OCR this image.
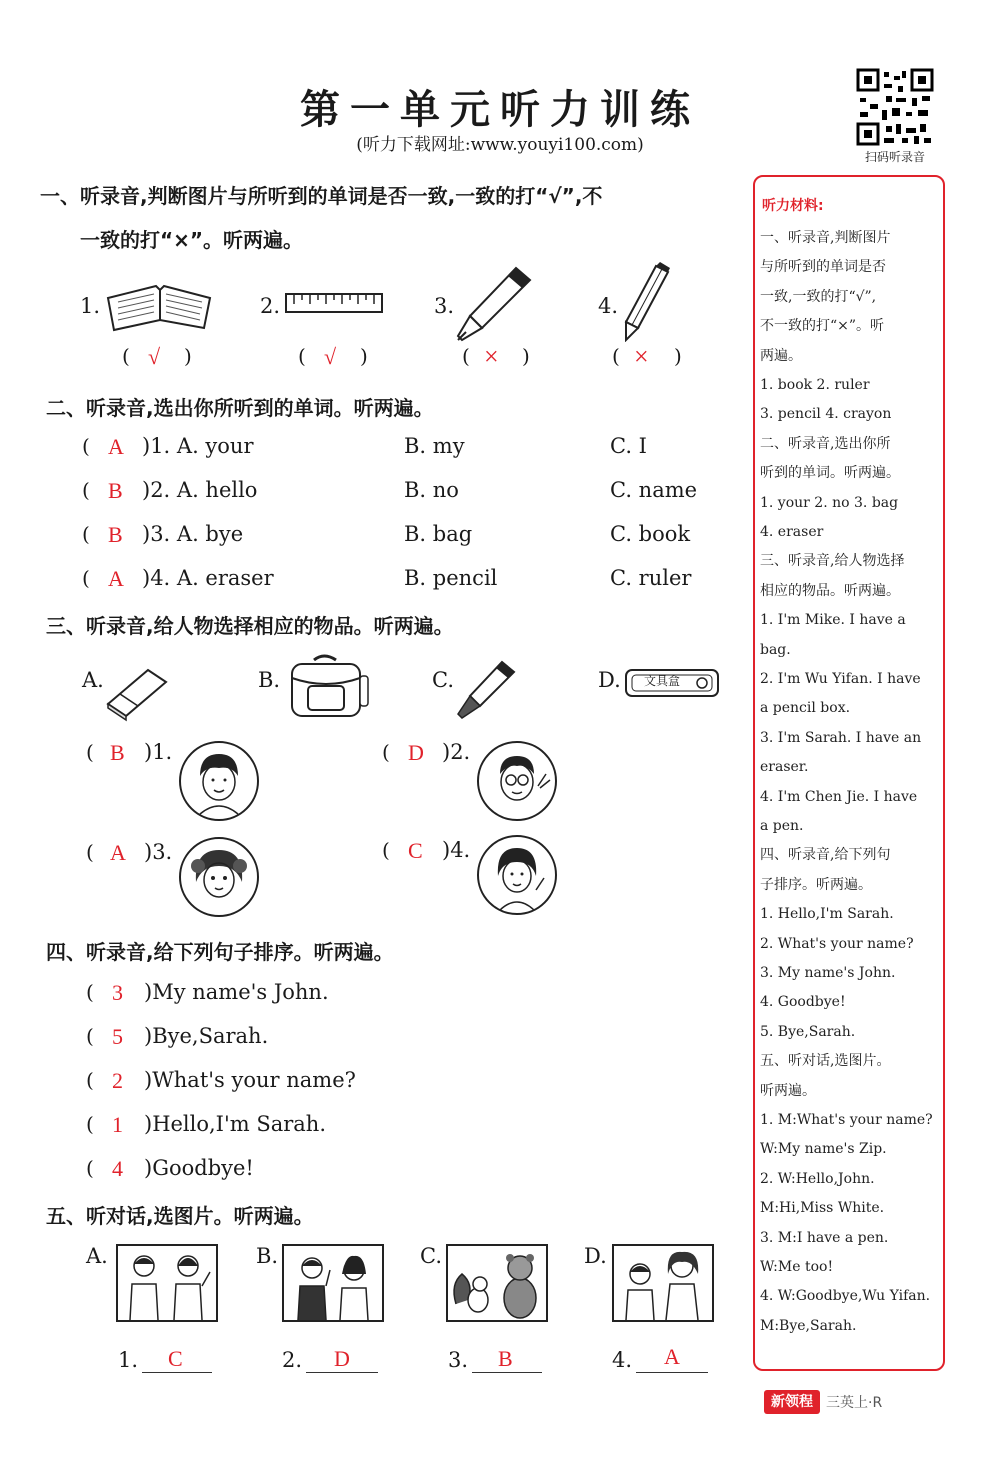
第一单元听力训练
(听力下载网址:www.youyi100.com)
扫码听录音
一、听录音,判断图片与所听到的单词是否一致,一致的打“√”,不
一致的打“×”。听两遍。
1.	2.	3.	4.
( √ )	( √ )	( × )	( × )
二、听录音,选出你所听到的单词。听两遍。
( A )1. A. your	B. my	C. I
( B )2. A. hello	B. no	C. name
( B )3. A. bye	B. bag	C. book
( A )4. A. eraser	B. pencil	C. ruler
三、听录音,给人物选择相应的物品。听两遍。
A.	B.	C.	D. 文具盒
( B )1.	( D )2.
( A )3.	( C )4.
四、听录音,给下列句子排序。听两遍。
( 3 )My name's John.
( 5 )Bye,Sarah.
( 2 )What's your name?
( 1 )Hello,I'm Sarah.
( 4 )Goodbye!
五、听对话,选图片。听两遍。
A.	B.	C.	D.
1. C	2. D	3. B	4. A
听力材料:
一、听录音,判断图片
与所听到的单词是否
一致,一致的打“√”,
不一致的打“×”。听
两遍。
1. book 2. ruler
3. pencil 4. crayon
二、听录音,选出你所
听到的单词。听两遍。
1. your 2. no 3. bag
4. eraser
三、听录音,给人物选择
相应的物品。听两遍。
1. I'm Mike. I have a
bag.
2. I'm Wu Yifan. I have
a pencil box.
3. I'm Sarah. I have an
eraser.
4. I'm Chen Jie. I have
a pen.
四、听录音,给下列句
子排序。听两遍。
1. Hello,I'm Sarah.
2. What's your name?
3. My name's John.
4. Goodbye!
5. Bye,Sarah.
五、听对话,选图片。
听两遍。
1. M:What's your name?
W:My name's Zip.
2. W:Hello,John.
M:Hi,Miss White.
3. M:I have a pen.
W:Me too!
4. W:Goodbye,Wu Yifan.
M:Bye,Sarah.
新领程 三英上·R
